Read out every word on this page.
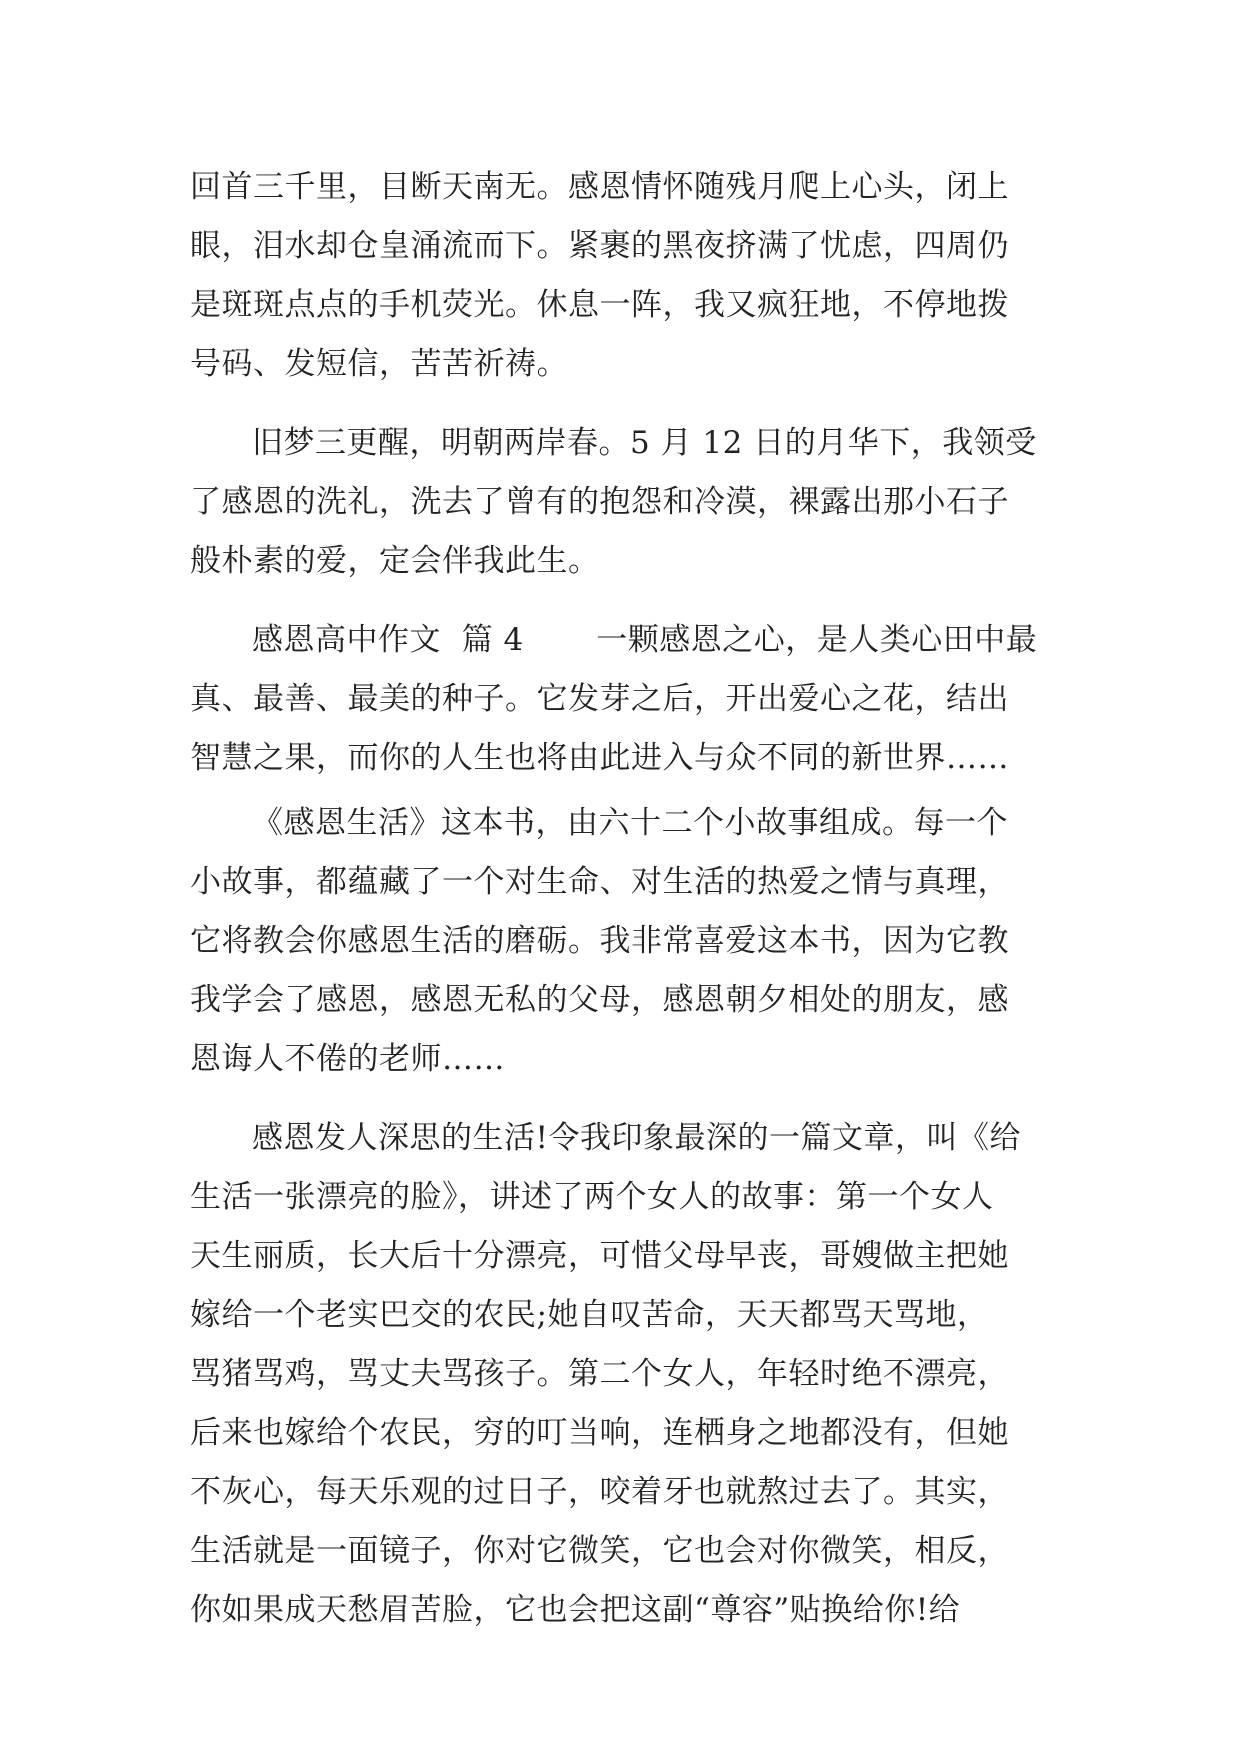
回首三千里，目断天南无。感恩情怀随残月爬上心头，闭上
眼，泪水却仓皇涌流而下。紧裹的黑夜挤满了忧虑，四周仍
是斑斑点点的手机荧光。休息一阵，我又疯狂地，不停地拨
号码、发短信，苦苦祈祷。
旧梦三更醒，明朝两岸春。5 月 12 日的月华下，我领受
了感恩的洗礼，洗去了曾有的抱怨和冷漠，裸露出那小石子
般朴素的爱，定会伴我此生。
感恩高中作文  篇 4       一颗感恩之心，是人类心田中最
真、最善、最美的种子。它发芽之后，开出爱心之花，结出
智慧之果，而你的人生也将由此进入与众不同的新世界……
《感恩生活》这本书，由六十二个小故事组成。每一个
小故事，都蕴藏了一个对生命、对生活的热爱之情与真理，
它将教会你感恩生活的磨砺。我非常喜爱这本书，因为它教
我学会了感恩，感恩无私的父母，感恩朝夕相处的朋友，感
恩诲人不倦的老师……
感恩发人深思的生活!令我印象最深的一篇文章，叫《给
生活一张漂亮的脸》，讲述了两个女人的故事：第一个女人
天生丽质，长大后十分漂亮，可惜父母早丧，哥嫂做主把她
嫁给一个老实巴交的农民;她自叹苦命，天天都骂天骂地，
骂猪骂鸡，骂丈夫骂孩子。第二个女人，年轻时绝不漂亮，
后来也嫁给个农民，穷的叮当响，连栖身之地都没有，但她
不灰心，每天乐观的过日子，咬着牙也就熬过去了。其实，
生活就是一面镜子，你对它微笑，它也会对你微笑，相反，
你如果成天愁眉苦脸，它也会把这副“尊容”贴换给你!给
